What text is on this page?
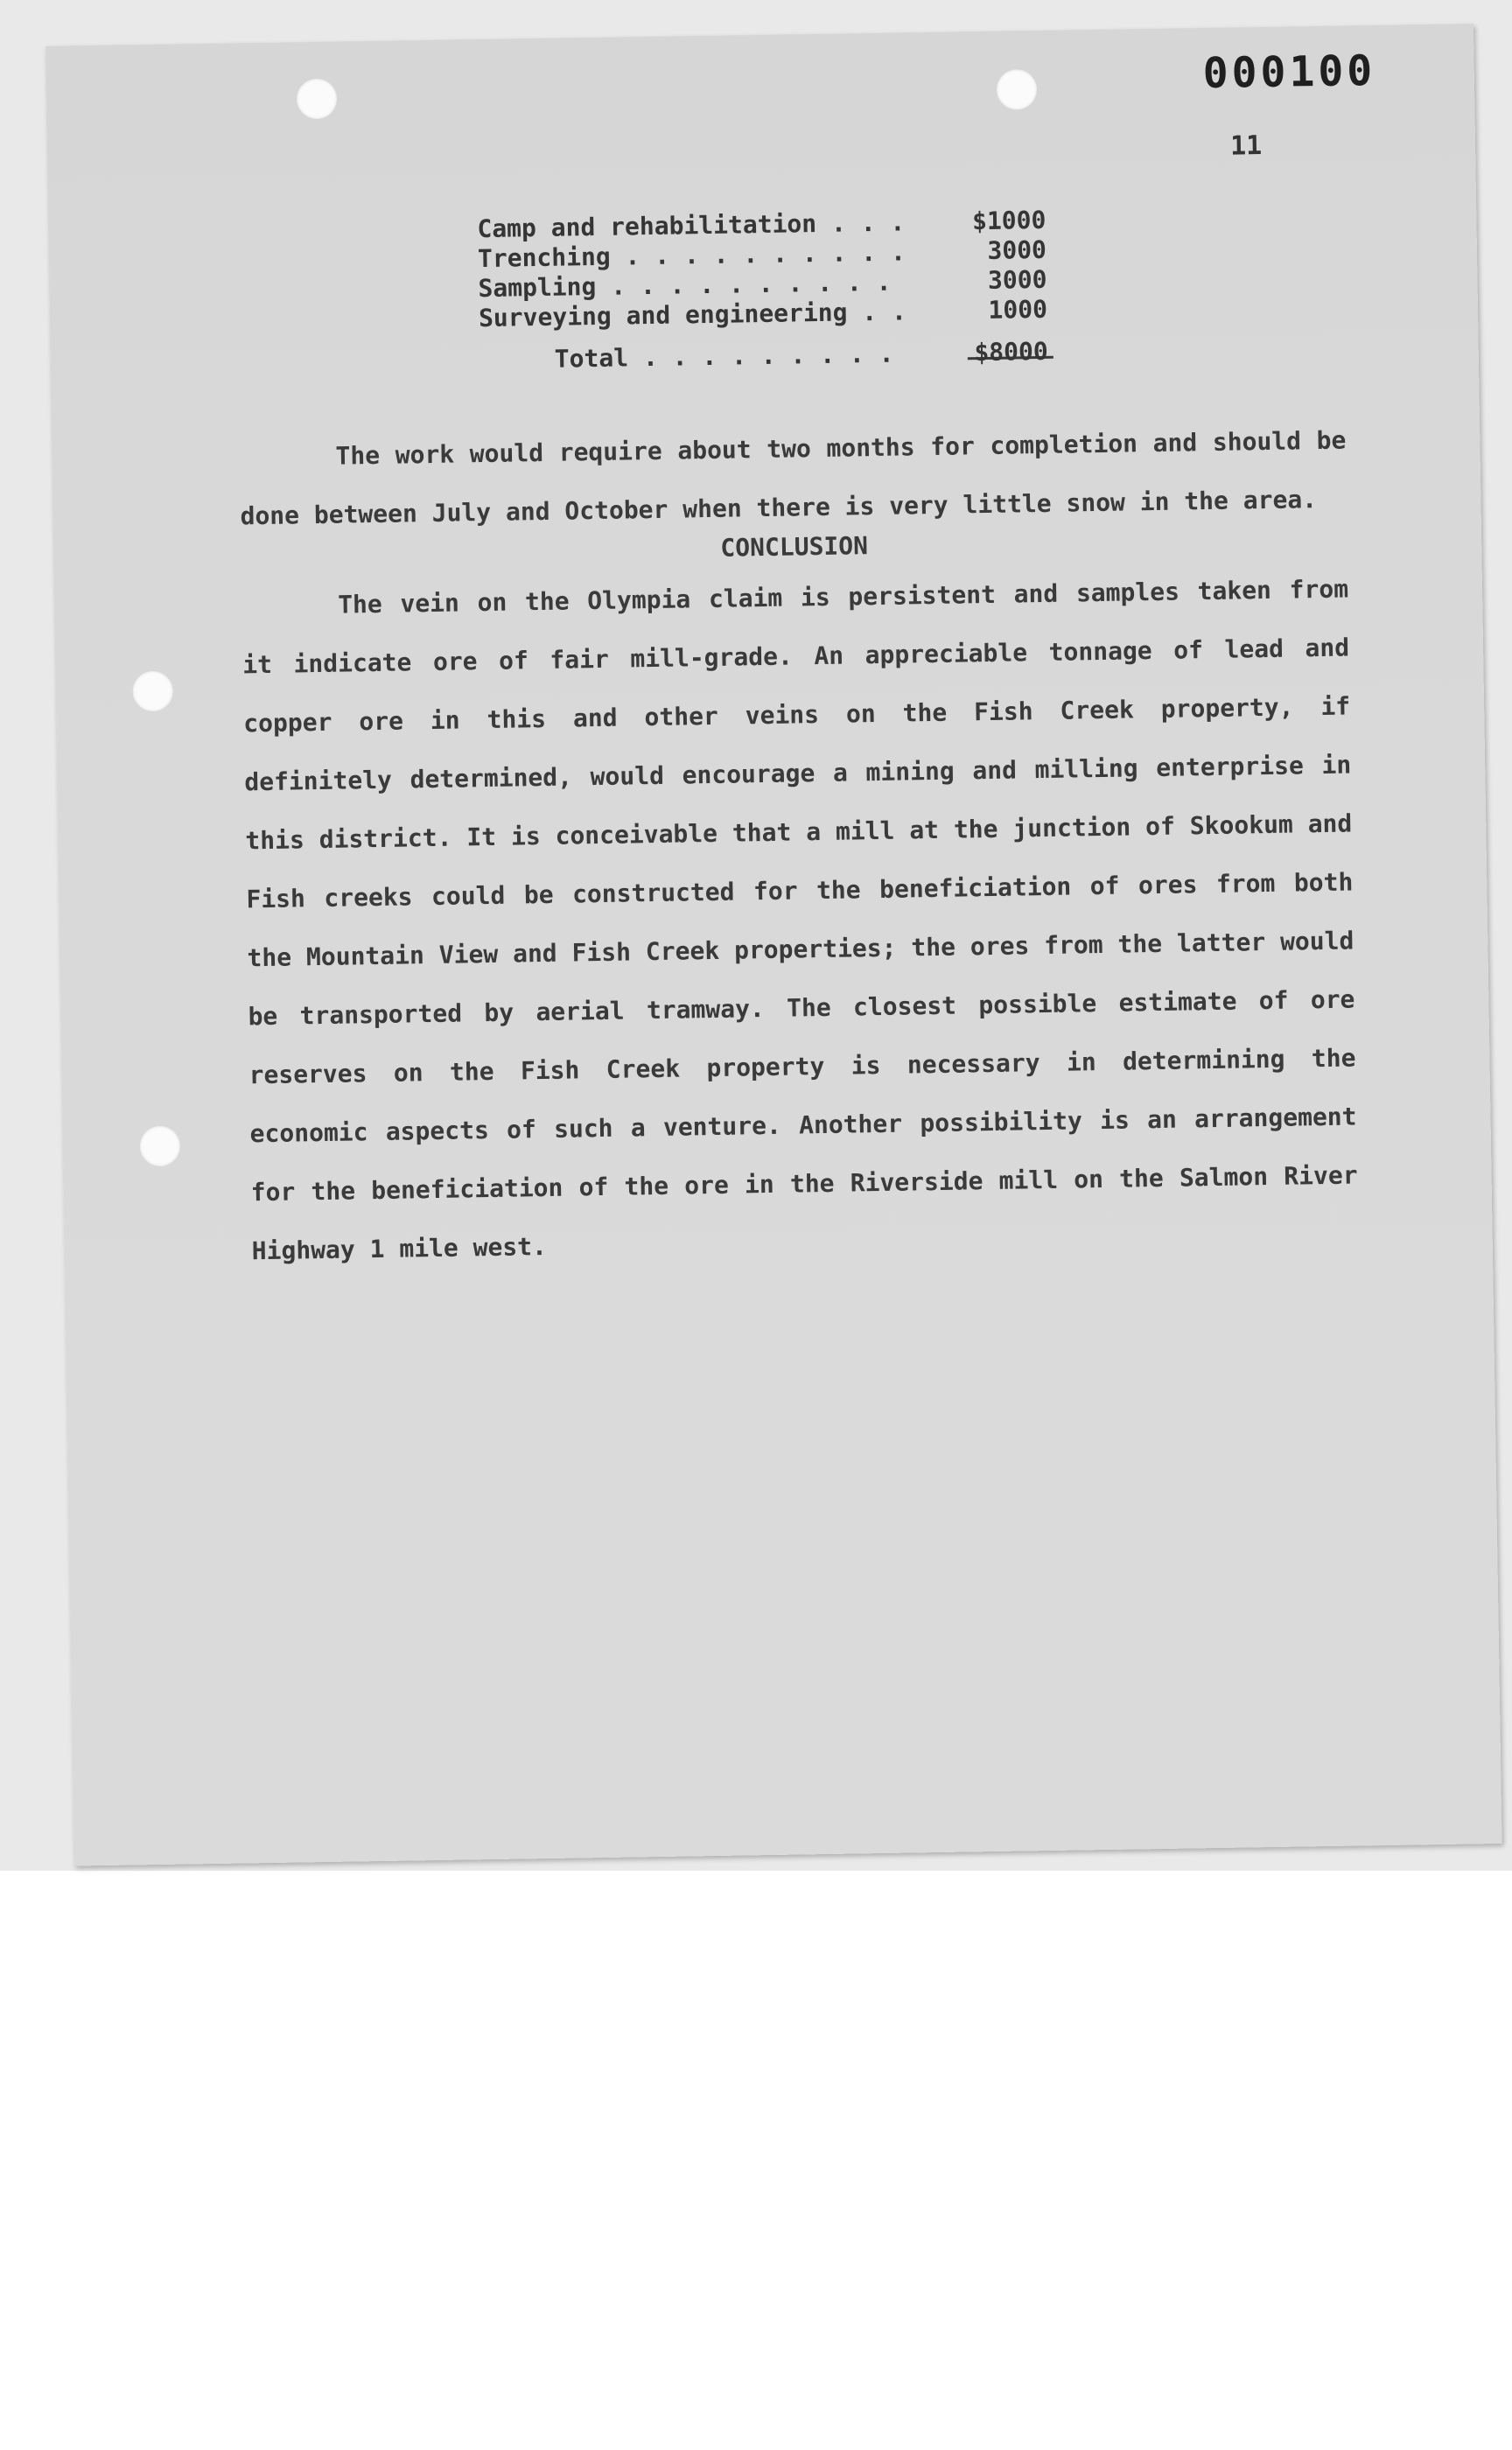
000100
11
Camp and rehabilitation . . .	$1000
Trenching . . . . . . . . . .	3000
Sampling . . . . . . . . . .	3000
Surveying and engineering . .	1000
Total . . . . . . . . .	$8000

The work would require about two months for completion and should be done between July and October when there is very little snow in the area.

CONCLUSION

The vein on the Olympia claim is persistent and samples taken from it indicate ore of fair mill-grade. An appreciable tonnage of lead and copper ore in this and other veins on the Fish Creek property, if definitely determined, would encourage a mining and milling enterprise in this district. It is conceivable that a mill at the junction of Skookum and Fish creeks could be constructed for the beneficiation of ores from both the Mountain View and Fish Creek properties; the ores from the latter would be transported by aerial tramway. The closest possible estimate of ore reserves on the Fish Creek property is necessary in determining the economic aspects of such a venture. Another possibility is an arrangement for the beneficiation of the ore in the Riverside mill on the Salmon River Highway 1 mile west.
